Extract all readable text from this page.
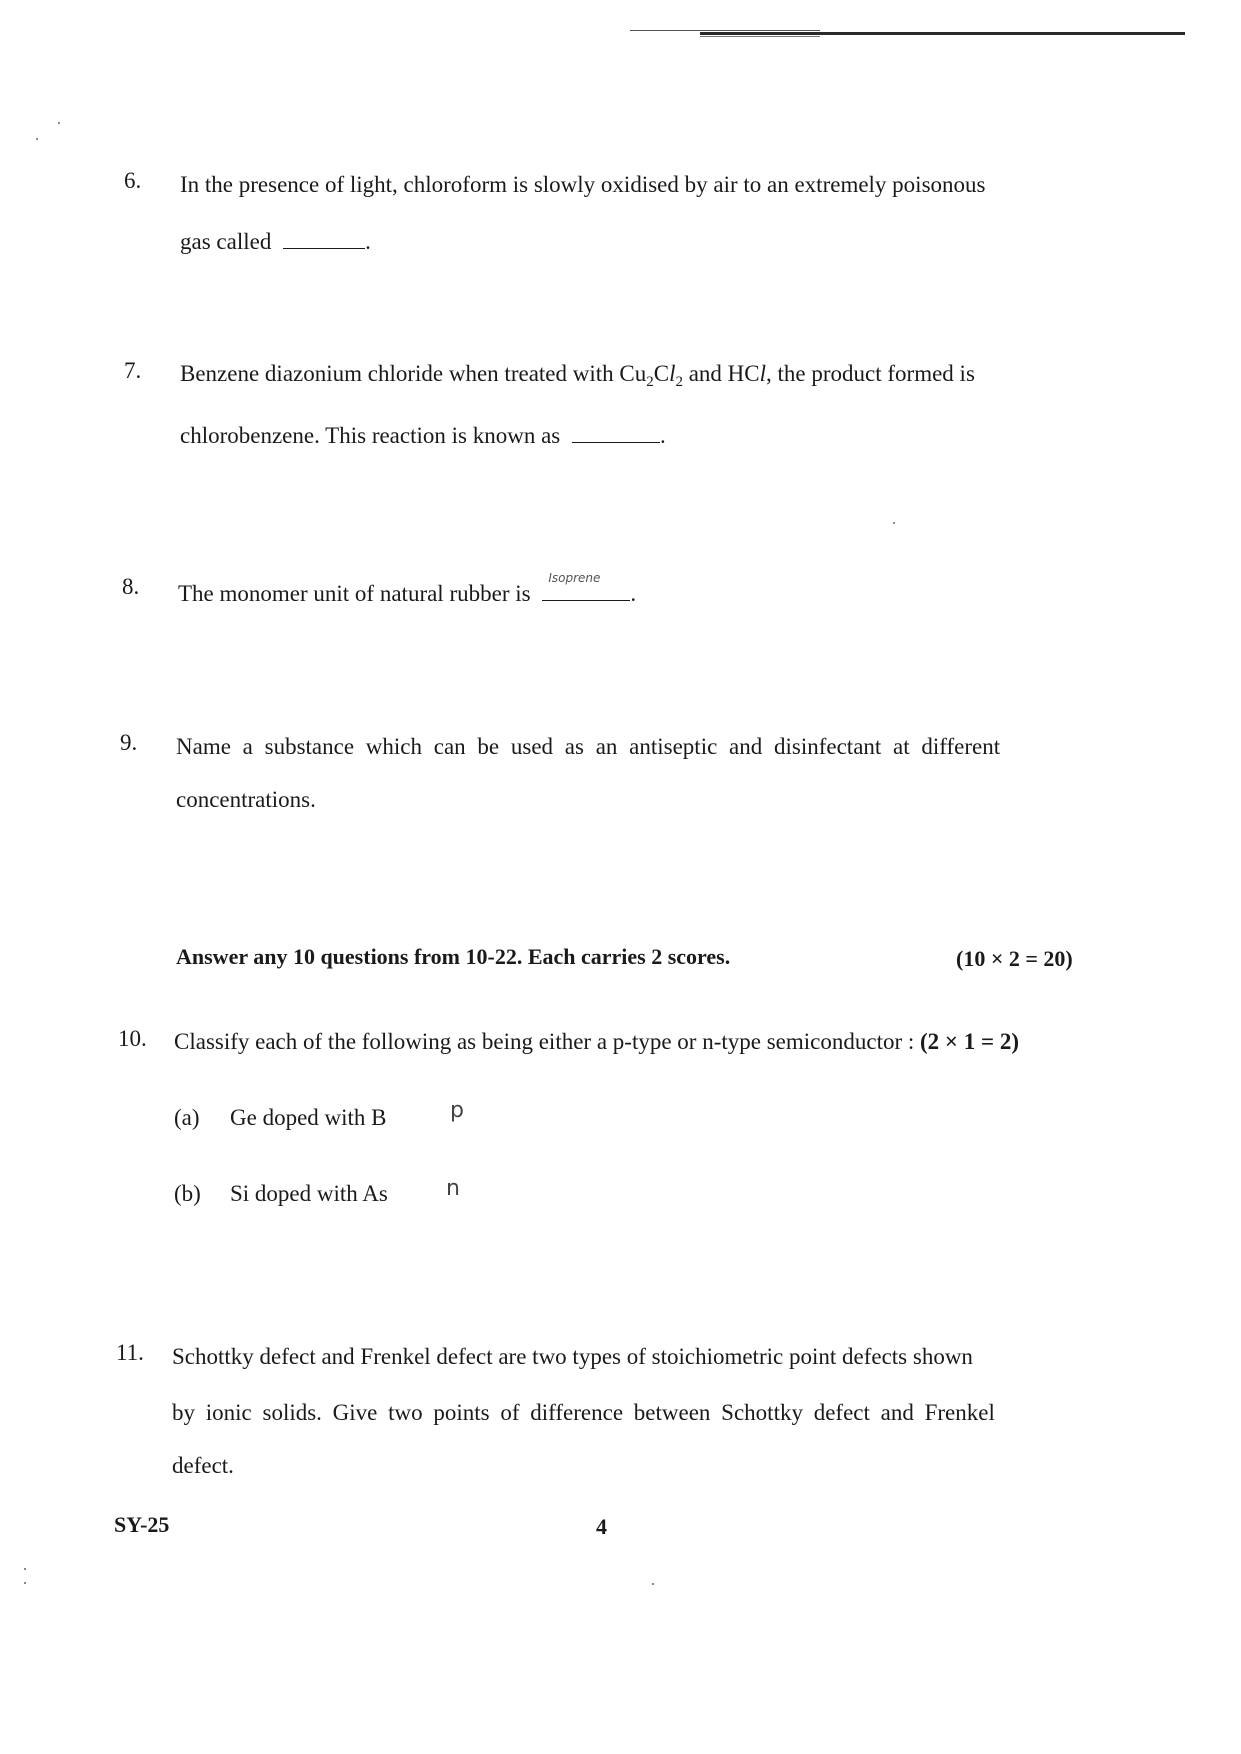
6. In the presence of light, chloroform is slowly oxidised by air to an extremely poisonous
gas called	.
7. Benzene diazonium chloride when treated with $Cu_2Cl_2$ and HCl, the product formed is
chlorobenzene. This reaction is known as	.
8. The monomer unit of natural rubber is
Isoprene
.
9. Name a substance which can be used as an antiseptic and disinfectant at different
concentrations.
Answer any 10 questions from 10-22. Each carries 2 scores.	(10 × 2 = 20)
10. Classify each of the following as being either a p-type or n-type semiconductor : (2 × 1 = 2)
(a) Ge doped with B	p
(b) Si doped with As	n
11. Schottky defect and Frenkel defect are two types of stoichiometric point defects shown
by ionic solids. Give two points of difference between Schottky defect and Frenkel
defect.
SY-25	4
